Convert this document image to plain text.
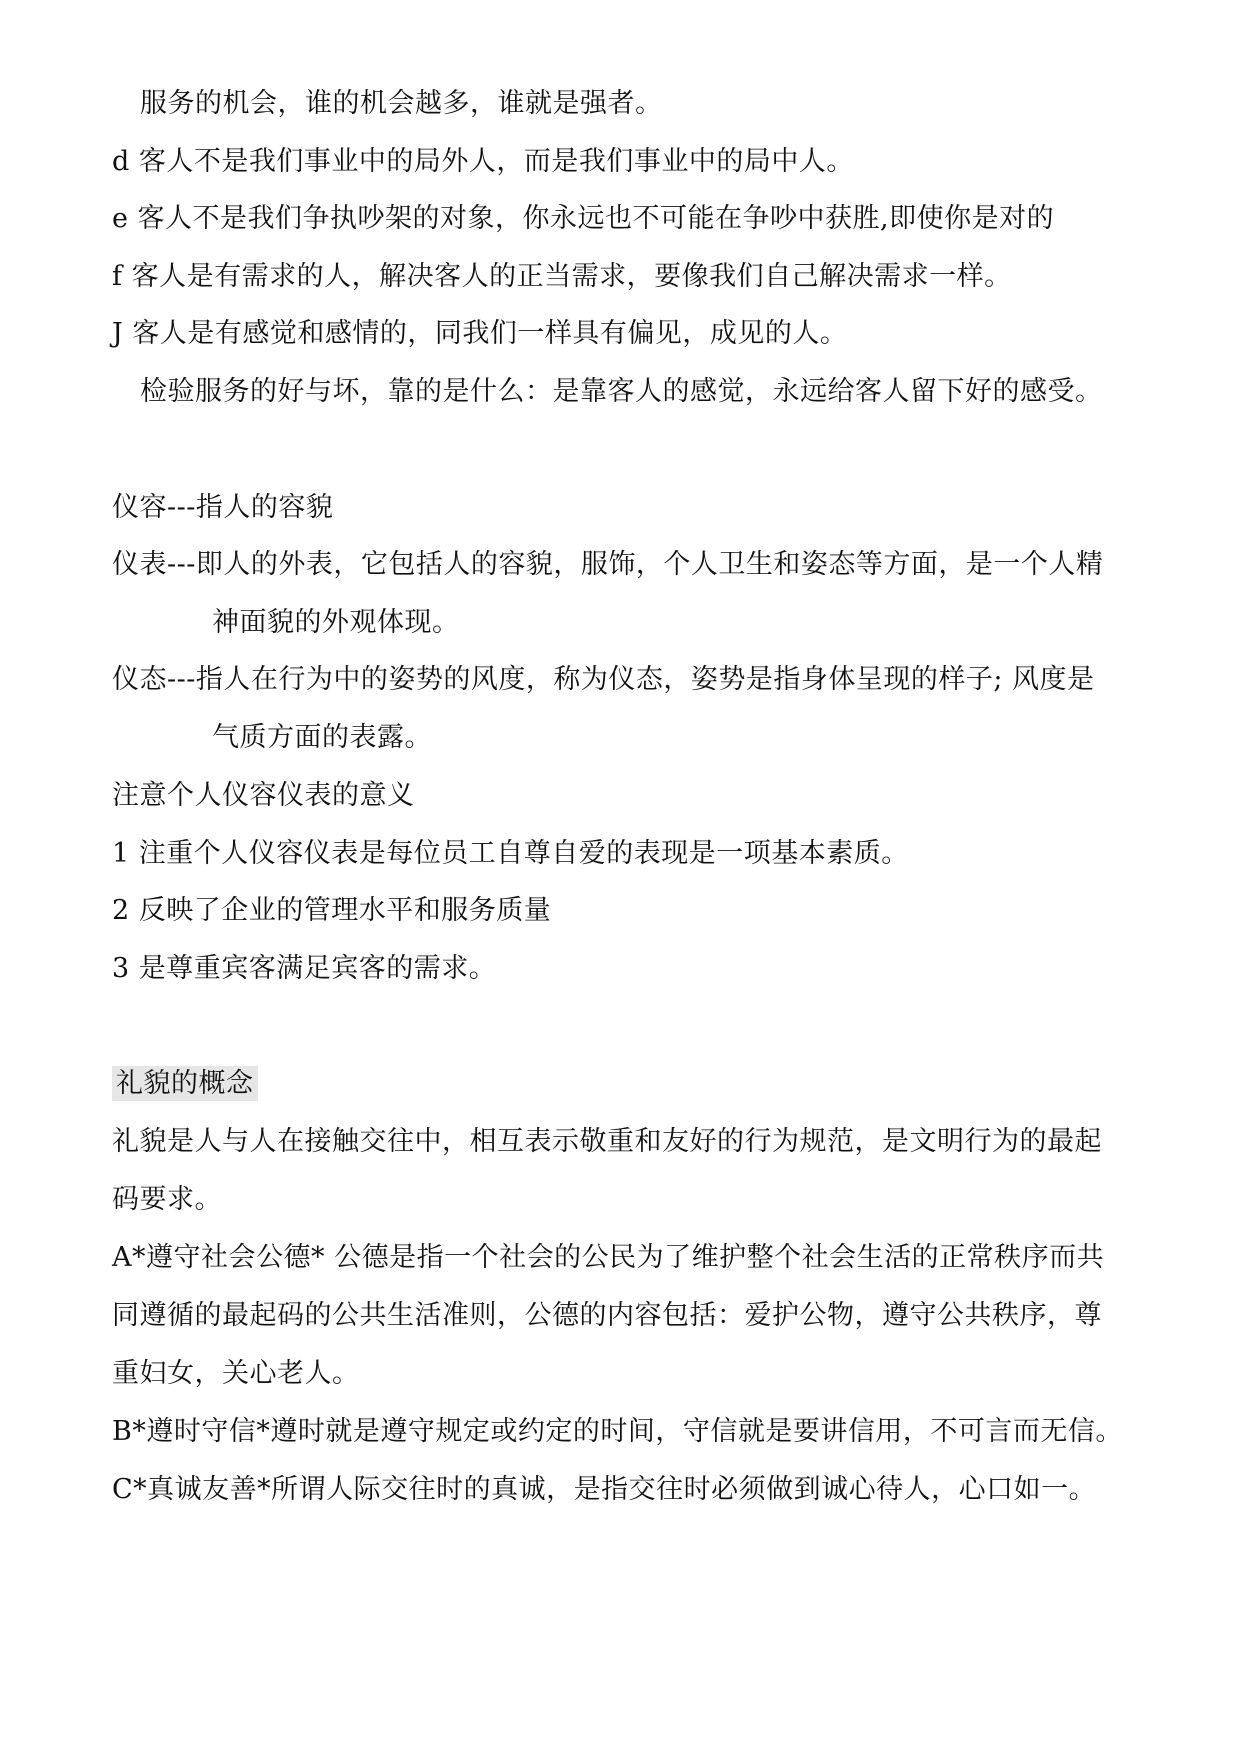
服务的机会，谁的机会越多，谁就是强者。
d 客人不是我们事业中的局外人，而是我们事业中的局中人。
e 客人不是我们争执吵架的对象，你永远也不可能在争吵中获胜,即使你是对的
f 客人是有需求的人，解决客人的正当需求，要像我们自己解决需求一样。
J 客人是有感觉和感情的，同我们一样具有偏见，成见的人。
检验服务的好与坏，靠的是什么：是靠客人的感觉，永远给客人留下好的感受。
仪容---指人的容貌
仪表---即人的外表，它包括人的容貌，服饰，个人卫生和姿态等方面，是一个人精
神面貌的外观体现。
仪态---指人在行为中的姿势的风度，称为仪态，姿势是指身体呈现的样子; 风度是
气质方面的表露。
注意个人仪容仪表的意义
1 注重个人仪容仪表是每位员工自尊自爱的表现是一项基本素质。
2 反映了企业的管理水平和服务质量
3 是尊重宾客满足宾客的需求。
礼貌的概念
礼貌是人与人在接触交往中，相互表示敬重和友好的行为规范，是文明行为的最起
码要求。
A*遵守社会公德* 公德是指一个社会的公民为了维护整个社会生活的正常秩序而共
同遵循的最起码的公共生活准则，公德的内容包括：爱护公物，遵守公共秩序，尊
重妇女，关心老人。
B*遵时守信*遵时就是遵守规定或约定的时间，守信就是要讲信用，不可言而无信。
C*真诚友善*所谓人际交往时的真诚，是指交往时必须做到诚心待人，心口如一。
